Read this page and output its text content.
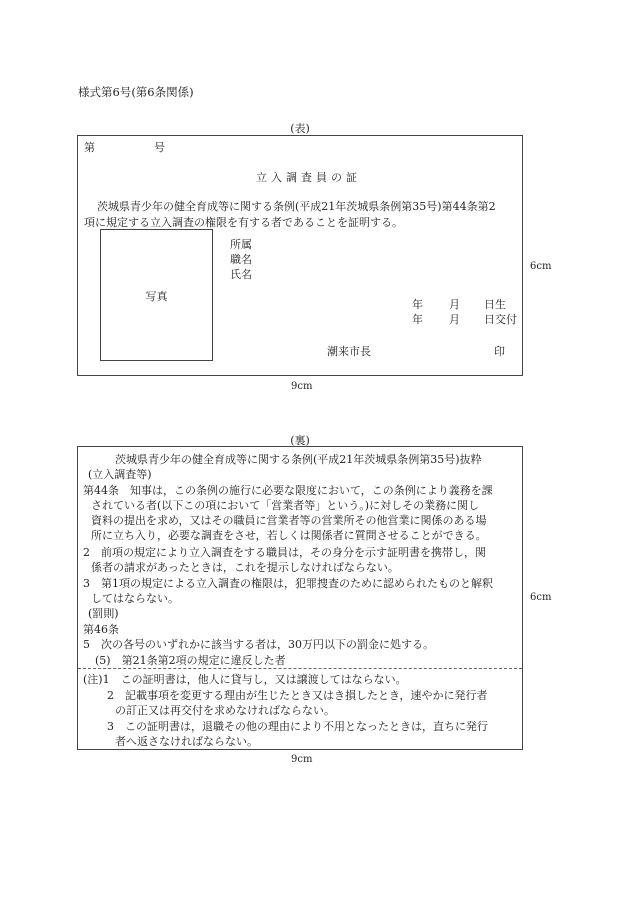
様式第6号(第6条関係)
(表)
第	号
立入調査員の証
茨城県青少年の健全育成等に関する条例(平成21年茨城県条例第35号)第44条第2
項に規定する立入調査の権限を有する者であることを証明する。
写真
所属
職名
氏名
年 月 日生
年 月 日交付
潮来市長	印
6cm
9cm
(裏)
茨城県青少年の健全育成等に関する条例(平成21年茨城県条例第35号)抜粋
(立入調査等)
第44条　知事は，この条例の施行に必要な限度において，この条例により義務を課
されている者(以下この項において「営業者等」という。)に対しその業務に関し
資料の提出を求め，又はその職員に営業者等の営業所その他営業に関係のある場
所に立ち入り，必要な調査をさせ，若しくは関係者に質問させることができる。
2　前項の規定により立入調査をする職員は，その身分を示す証明書を携帯し，関
係者の請求があったときは，これを提示しなければならない。
3　第1項の規定による立入調査の権限は，犯罪捜査のために認められたものと解釈
してはならない。
(罰則)
第46条
5　次の各号のいずれかに該当する者は，30万円以下の罰金に処する。
(5)　第21条第2項の規定に違反した者
(注)1　この証明書は，他人に貸与し，又は譲渡してはならない。
2　記載事項を変更する理由が生じたとき又はき損したとき，速やかに発行者
の訂正又は再交付を求めなければならない。
3　この証明書は，退職その他の理由により不用となったときは，直ちに発行
者へ返さなければならない。
6cm
9cm
